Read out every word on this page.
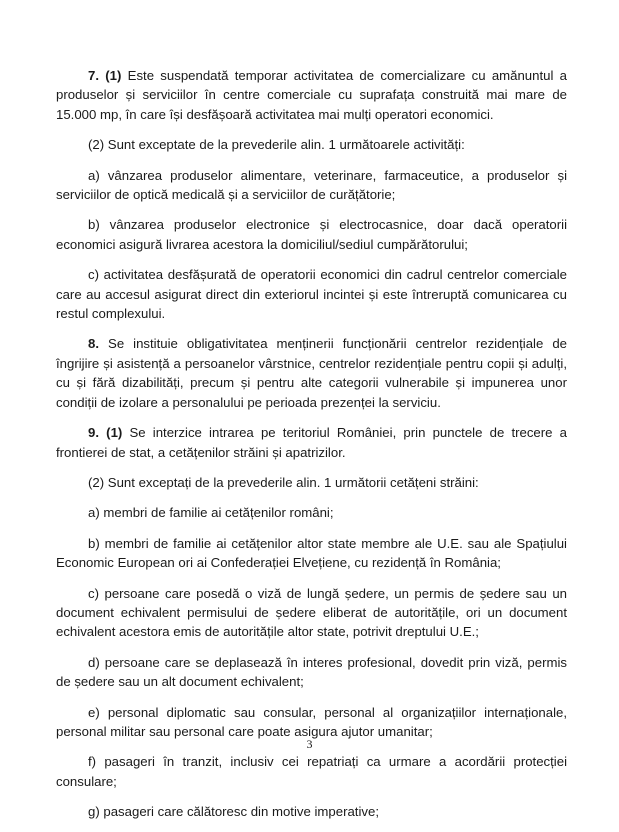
7. (1) Este suspendată temporar activitatea de comercializare cu amănuntul a produselor și serviciilor în centre comerciale cu suprafața construită mai mare de 15.000 mp, în care își desfășoară activitatea mai mulți operatori economici.

(2) Sunt exceptate de la prevederile alin. 1 următoarele activități:

a) vânzarea produselor alimentare, veterinare, farmaceutice, a produselor și serviciilor de optică medicală și a serviciilor de curățătorie;

b) vânzarea produselor electronice și electrocasnice, doar dacă operatorii economici asigură livrarea acestora la domiciliul/sediul cumpărătorului;

c) activitatea desfășurată de operatorii economici din cadrul centrelor comerciale care au accesul asigurat direct din exteriorul incintei și este întreruptă comunicarea cu restul complexului.

8. Se instituie obligativitatea menținerii funcționării centrelor rezidențiale de îngrijire și asistență a persoanelor vârstnice, centrelor rezidențiale pentru copii și adulți, cu și fără dizabilități, precum și pentru alte categorii vulnerabile și impunerea unor condiții de izolare a personalului pe perioada prezenței la serviciu.

9. (1) Se interzice intrarea pe teritoriul României, prin punctele de trecere a frontierei de stat, a cetățenilor străini și apatrizilor.

(2) Sunt exceptați de la prevederile alin. 1 următorii cetățeni străini:

a) membri de familie ai cetățenilor români;

b) membri de familie ai cetățenilor altor state membre ale U.E. sau ale Spațiului Economic European ori ai Confederației Elvețiene, cu rezidență în România;

c) persoane care posedă o viză de lungă ședere, un permis de ședere sau un document echivalent permisului de ședere eliberat de autoritățile, ori un document echivalent acestora emis de autoritățile altor state, potrivit dreptului U.E.;

d) persoane care se deplasează în interes profesional, dovedit prin viză, permis de ședere sau un alt document echivalent;

e) personal diplomatic sau consular, personal al organizațiilor internaționale, personal militar sau personal care poate asigura ajutor umanitar;

f) pasageri în tranzit, inclusiv cei repatriați ca urmare a acordării protecției consulare;

g) pasageri care călătoresc din motive imperative;

3
